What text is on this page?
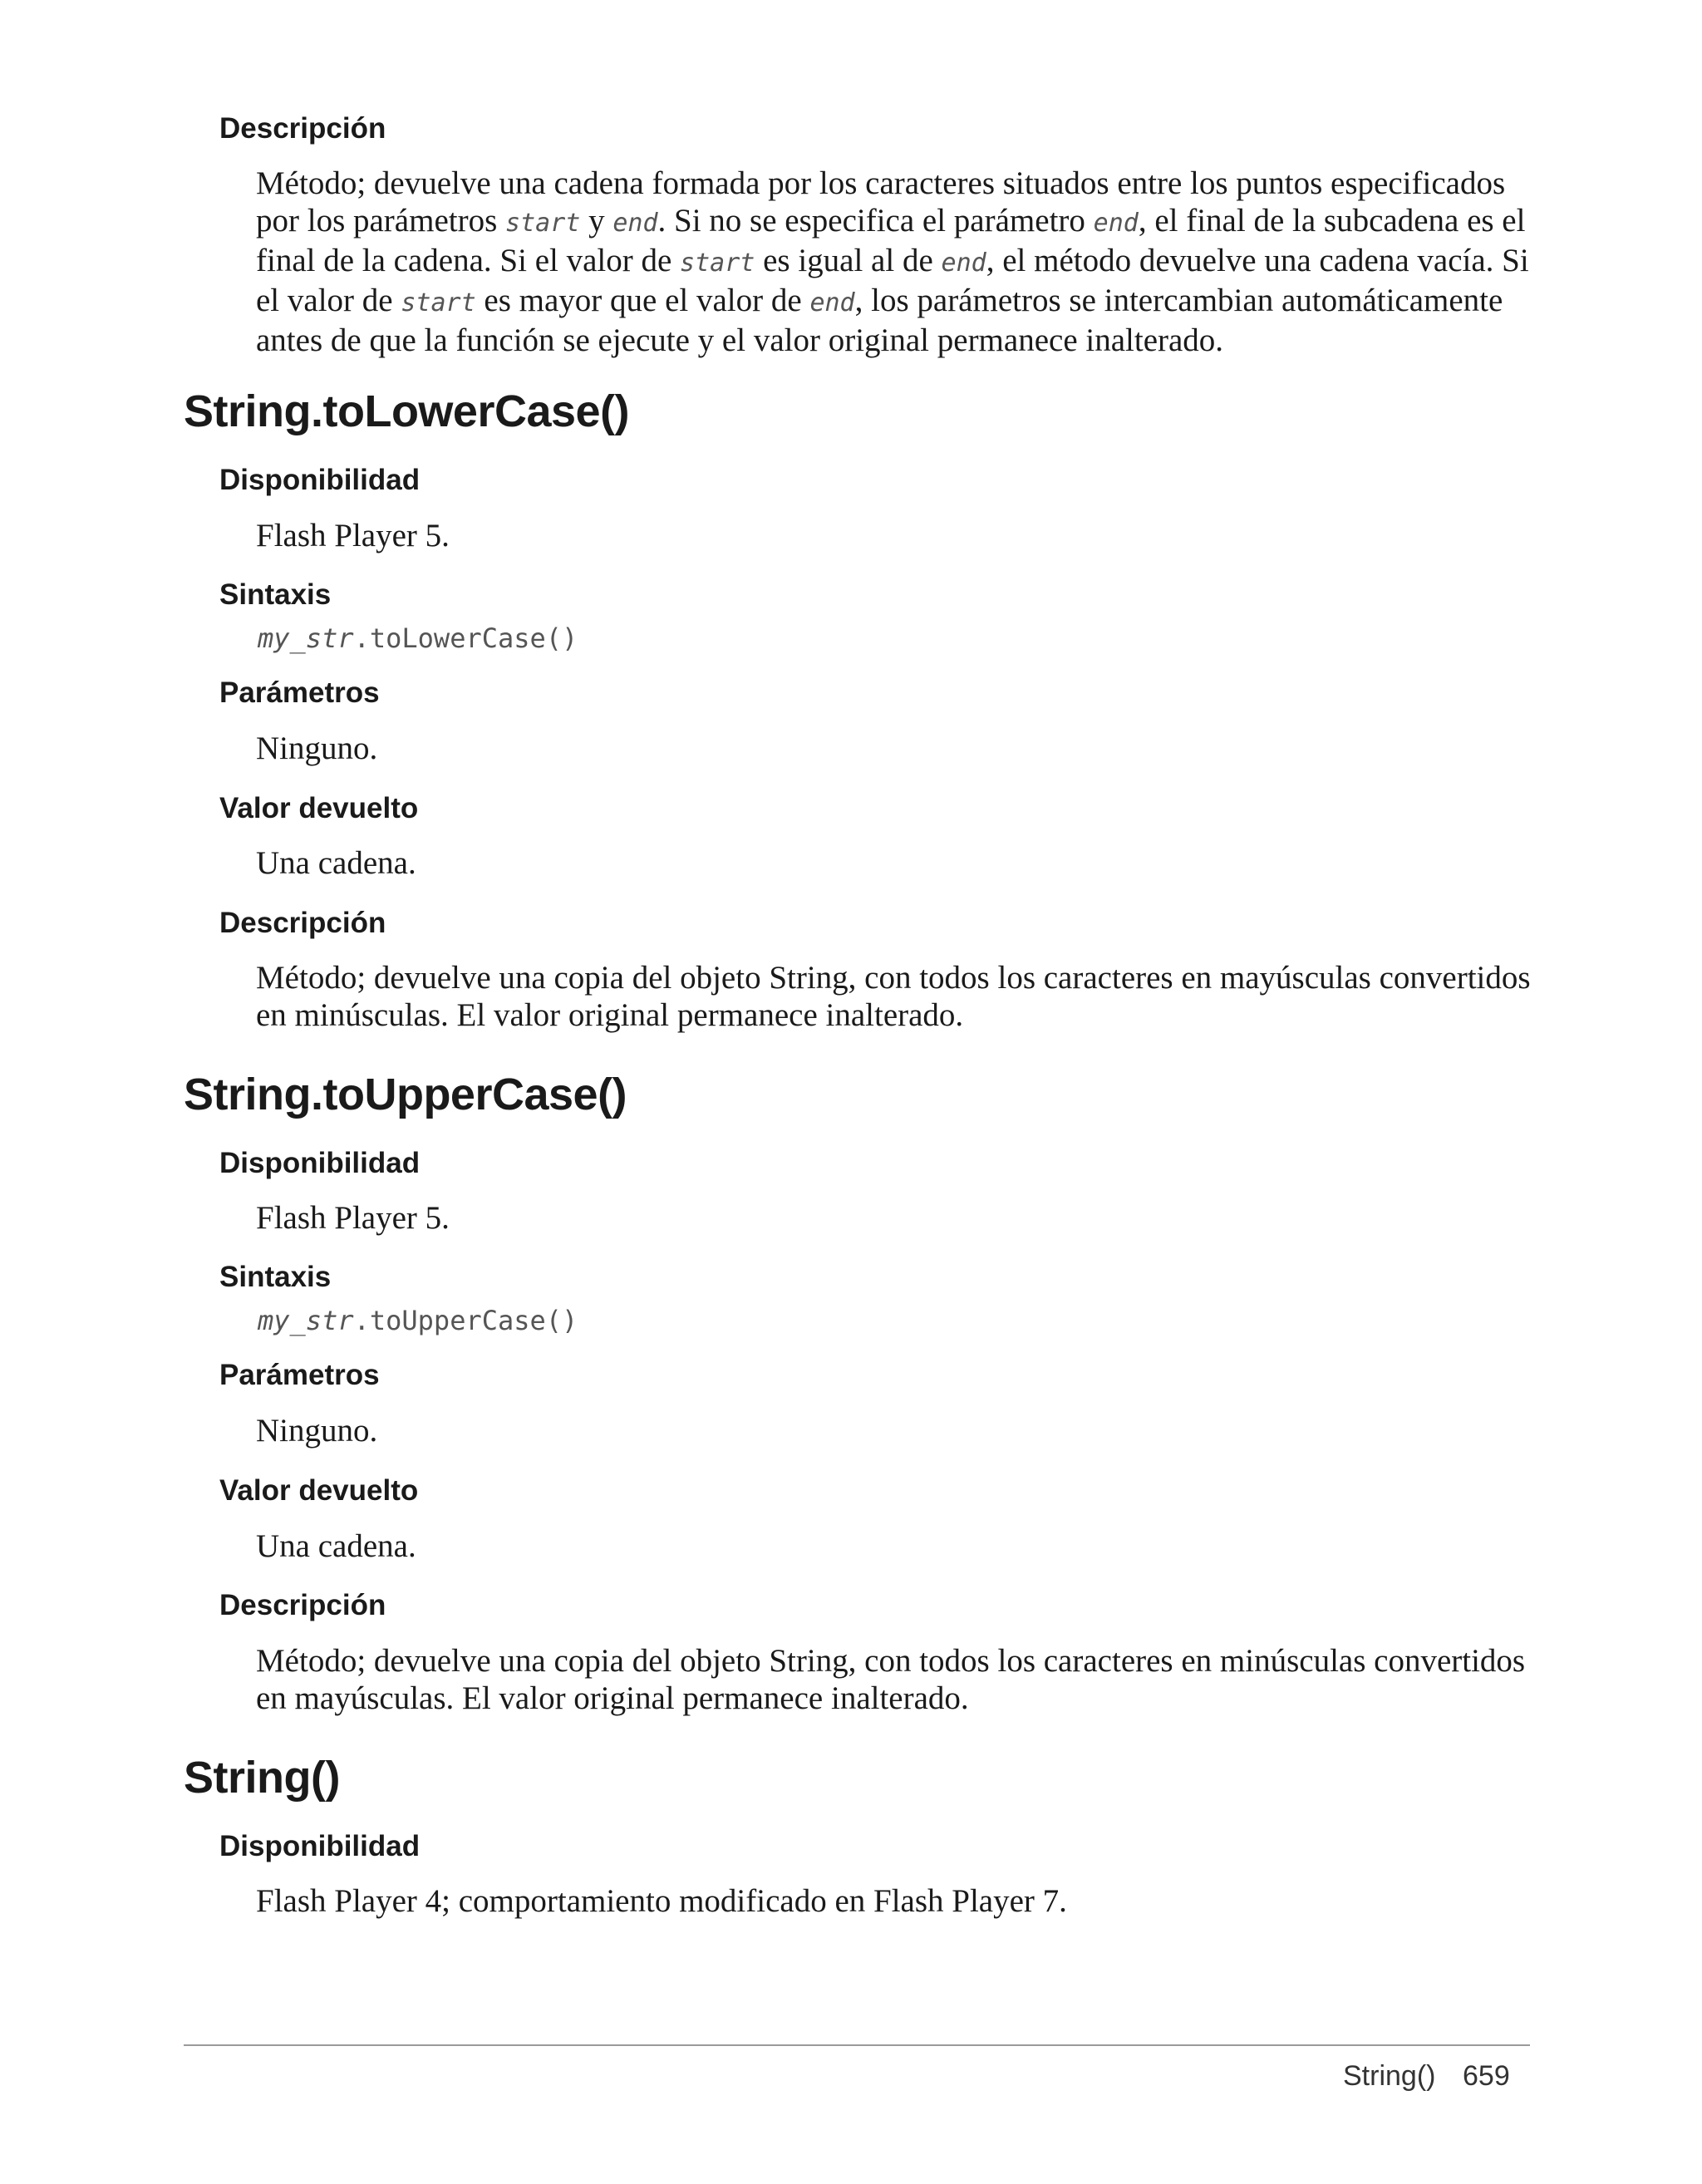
Descripción
Método; devuelve una cadena formada por los caracteres situados entre los puntos especificados
por los parámetros start y end. Si no se especifica el parámetro end, el final de la subcadena es el
final de la cadena. Si el valor de start es igual al de end, el método devuelve una cadena vacía. Si
el valor de start es mayor que el valor de end, los parámetros se intercambian automáticamente
antes de que la función se ejecute y el valor original permanece inalterado.
String.toLowerCase()
Disponibilidad

Flash Player 5.

Sintaxis

my_str.toLowerCase()

Parámetros

Ninguno.

Valor devuelto

Una cadena.

Descripción
Método; devuelve una copia del objeto String, con todos los caracteres en mayúsculas convertidos
en minúsculas. El valor original permanece inalterado.
String.toUpperCase()
Disponibilidad

Flash Player 5.

Sintaxis

my_str.toUpperCase()

Parámetros

Ninguno.

Valor devuelto

Una cadena.

Descripción
Método; devuelve una copia del objeto String, con todos los caracteres en minúsculas convertidos
en mayúsculas. El valor original permanece inalterado.
String()
Disponibilidad

Flash Player 4; comportamiento modificado en Flash Player 7.

String() 659
